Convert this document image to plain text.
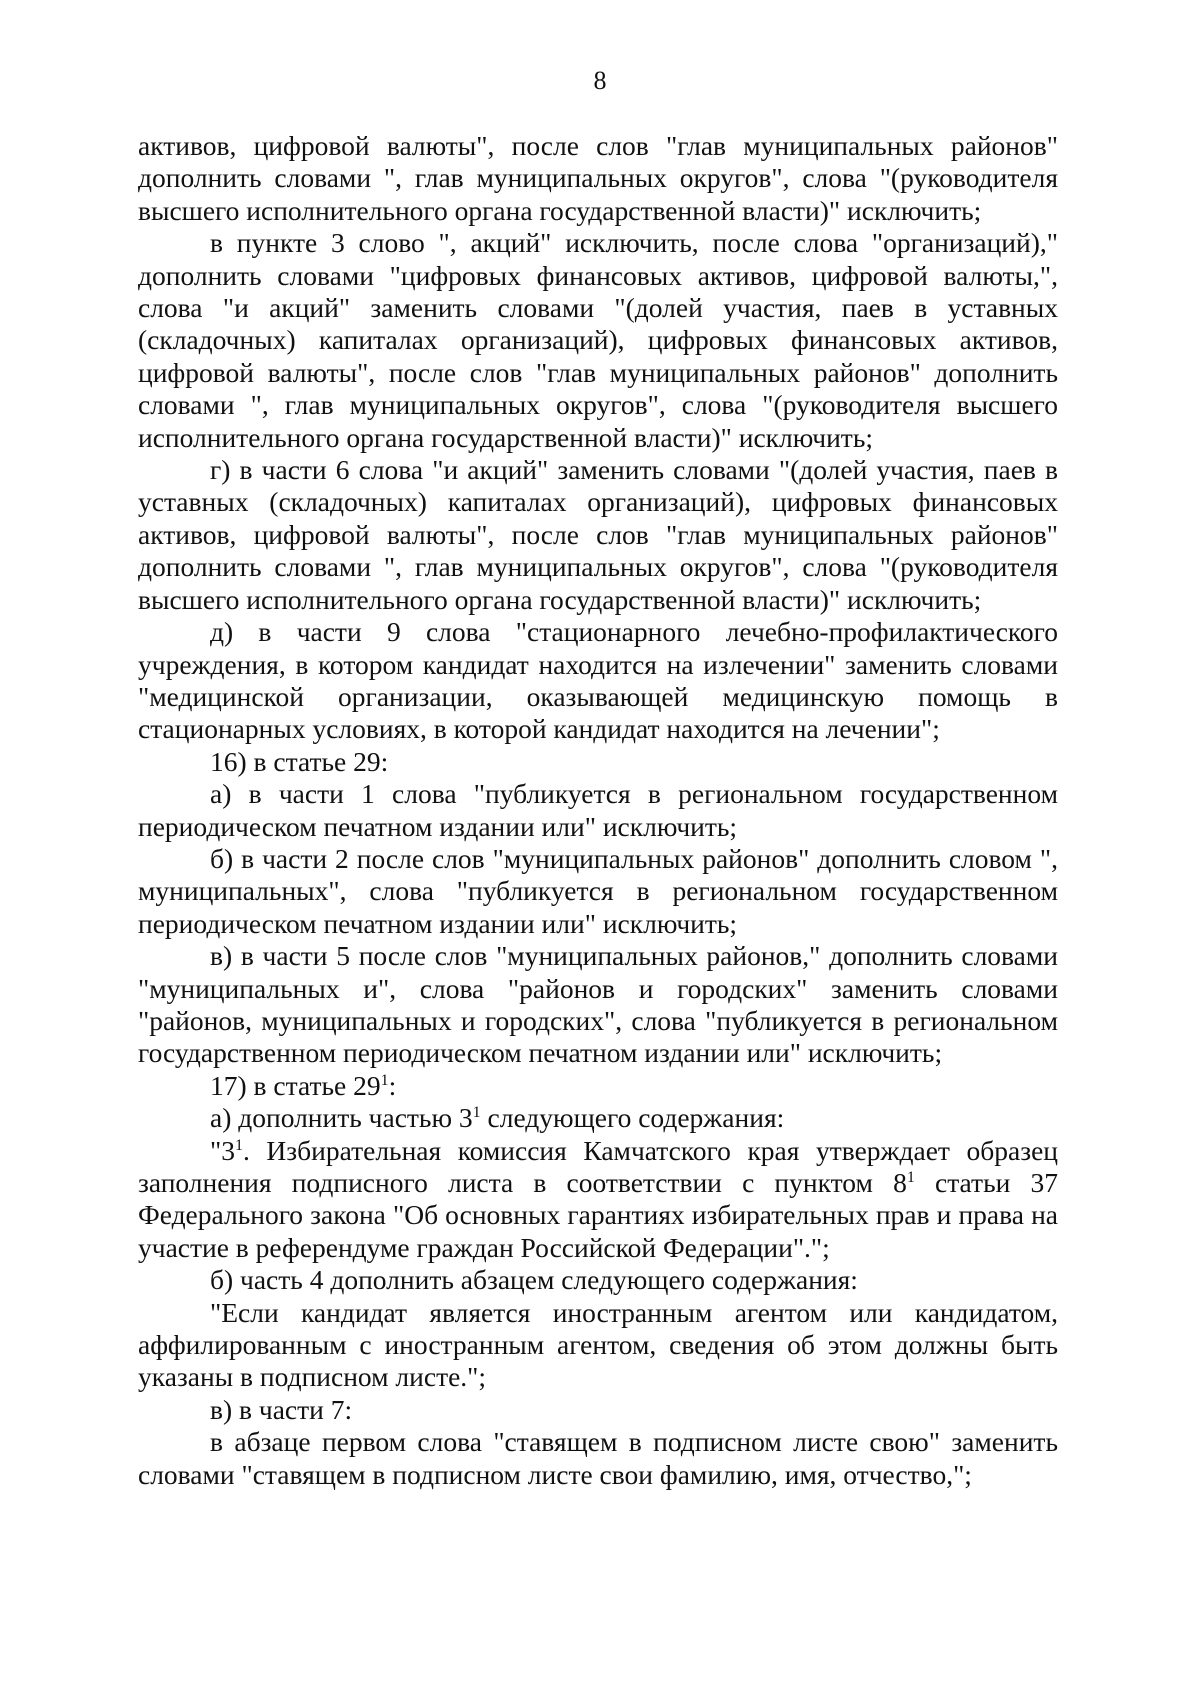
8

активов, цифровой валюты", после слов "глав муниципальных районов" дополнить словами ", глав муниципальных округов", слова "(руководителя высшего исполнительного органа государственной власти)" исключить;

в пункте 3 слово ", акций" исключить, после слова "организаций)," дополнить словами "цифровых финансовых активов, цифровой валюты,", слова "и акций" заменить словами "(долей участия, паев в уставных (складочных) капиталах организаций), цифровых финансовых активов, цифровой валюты", после слов "глав муниципальных районов" дополнить словами ", глав муниципальных округов", слова "(руководителя высшего исполнительного органа государственной власти)" исключить;

г) в части 6 слова "и акций" заменить словами "(долей участия, паев в уставных (складочных) капиталах организаций), цифровых финансовых активов, цифровой валюты", после слов "глав муниципальных районов" дополнить словами ", глав муниципальных округов", слова "(руководителя высшего исполнительного органа государственной власти)" исключить;

д) в части 9 слова "стационарного лечебно-профилактического учреждения, в котором кандидат находится на излечении" заменить словами "медицинской организации, оказывающей медицинскую помощь в стационарных условиях, в которой кандидат находится на лечении";

16) в статье 29:

а) в части 1 слова "публикуется в региональном государственном периодическом печатном издании или" исключить;

б) в части 2 после слов "муниципальных районов" дополнить словом ", муниципальных", слова "публикуется в региональном государственном периодическом печатном издании или" исключить;

в) в части 5 после слов "муниципальных районов," дополнить словами "муниципальных и", слова "районов и городских" заменить словами "районов, муниципальных и городских", слова "публикуется в региональном государственном периодическом печатном издании или" исключить;

17) в статье $29^1$:

а) дополнить частью $3^1$ следующего содержания:

"$3^1$. Избирательная комиссия Камчатского края утверждает образец заполнения подписного листа в соответствии с пунктом $8^1$ статьи 37 Федерального закона "Об основных гарантиях избирательных прав и права на участие в референдуме граждан Российской Федерации".";

б) часть 4 дополнить абзацем следующего содержания:

"Если кандидат является иностранным агентом или кандидатом, аффилированным с иностранным агентом, сведения об этом должны быть указаны в подписном листе.";

в) в части 7:

в абзаце первом слова "ставящем в подписном листе свою" заменить словами "ставящем в подписном листе свои фамилию, имя, отчество,";
